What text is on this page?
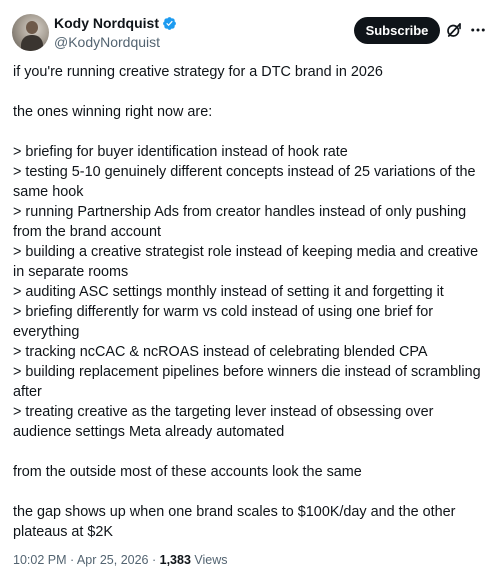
Kody Nordquist
@KodyNordquist
Subscribe

if you're running creative strategy for a DTC brand in 2026

the ones winning right now are:

> briefing for buyer identification instead of hook rate

> testing 5-10 genuinely different concepts instead of 25 variations of the same hook

> running Partnership Ads from creator handles instead of only pushing from the brand account

> building a creative strategist role instead of keeping media and creative in separate rooms

> auditing ASC settings monthly instead of setting it and forgetting it

> briefing differently for warm vs cold instead of using one brief for everything

> tracking ncCAC & ncROAS instead of celebrating blended CPA

> building replacement pipelines before winners die instead of scrambling after

> treating creative as the targeting lever instead of obsessing over audience settings Meta already automated

from the outside most of these accounts look the same

the gap shows up when one brand scales to $100K/day and the other plateaus at $2K

10:02 PM · Apr 25, 2026 · 1,383 Views
